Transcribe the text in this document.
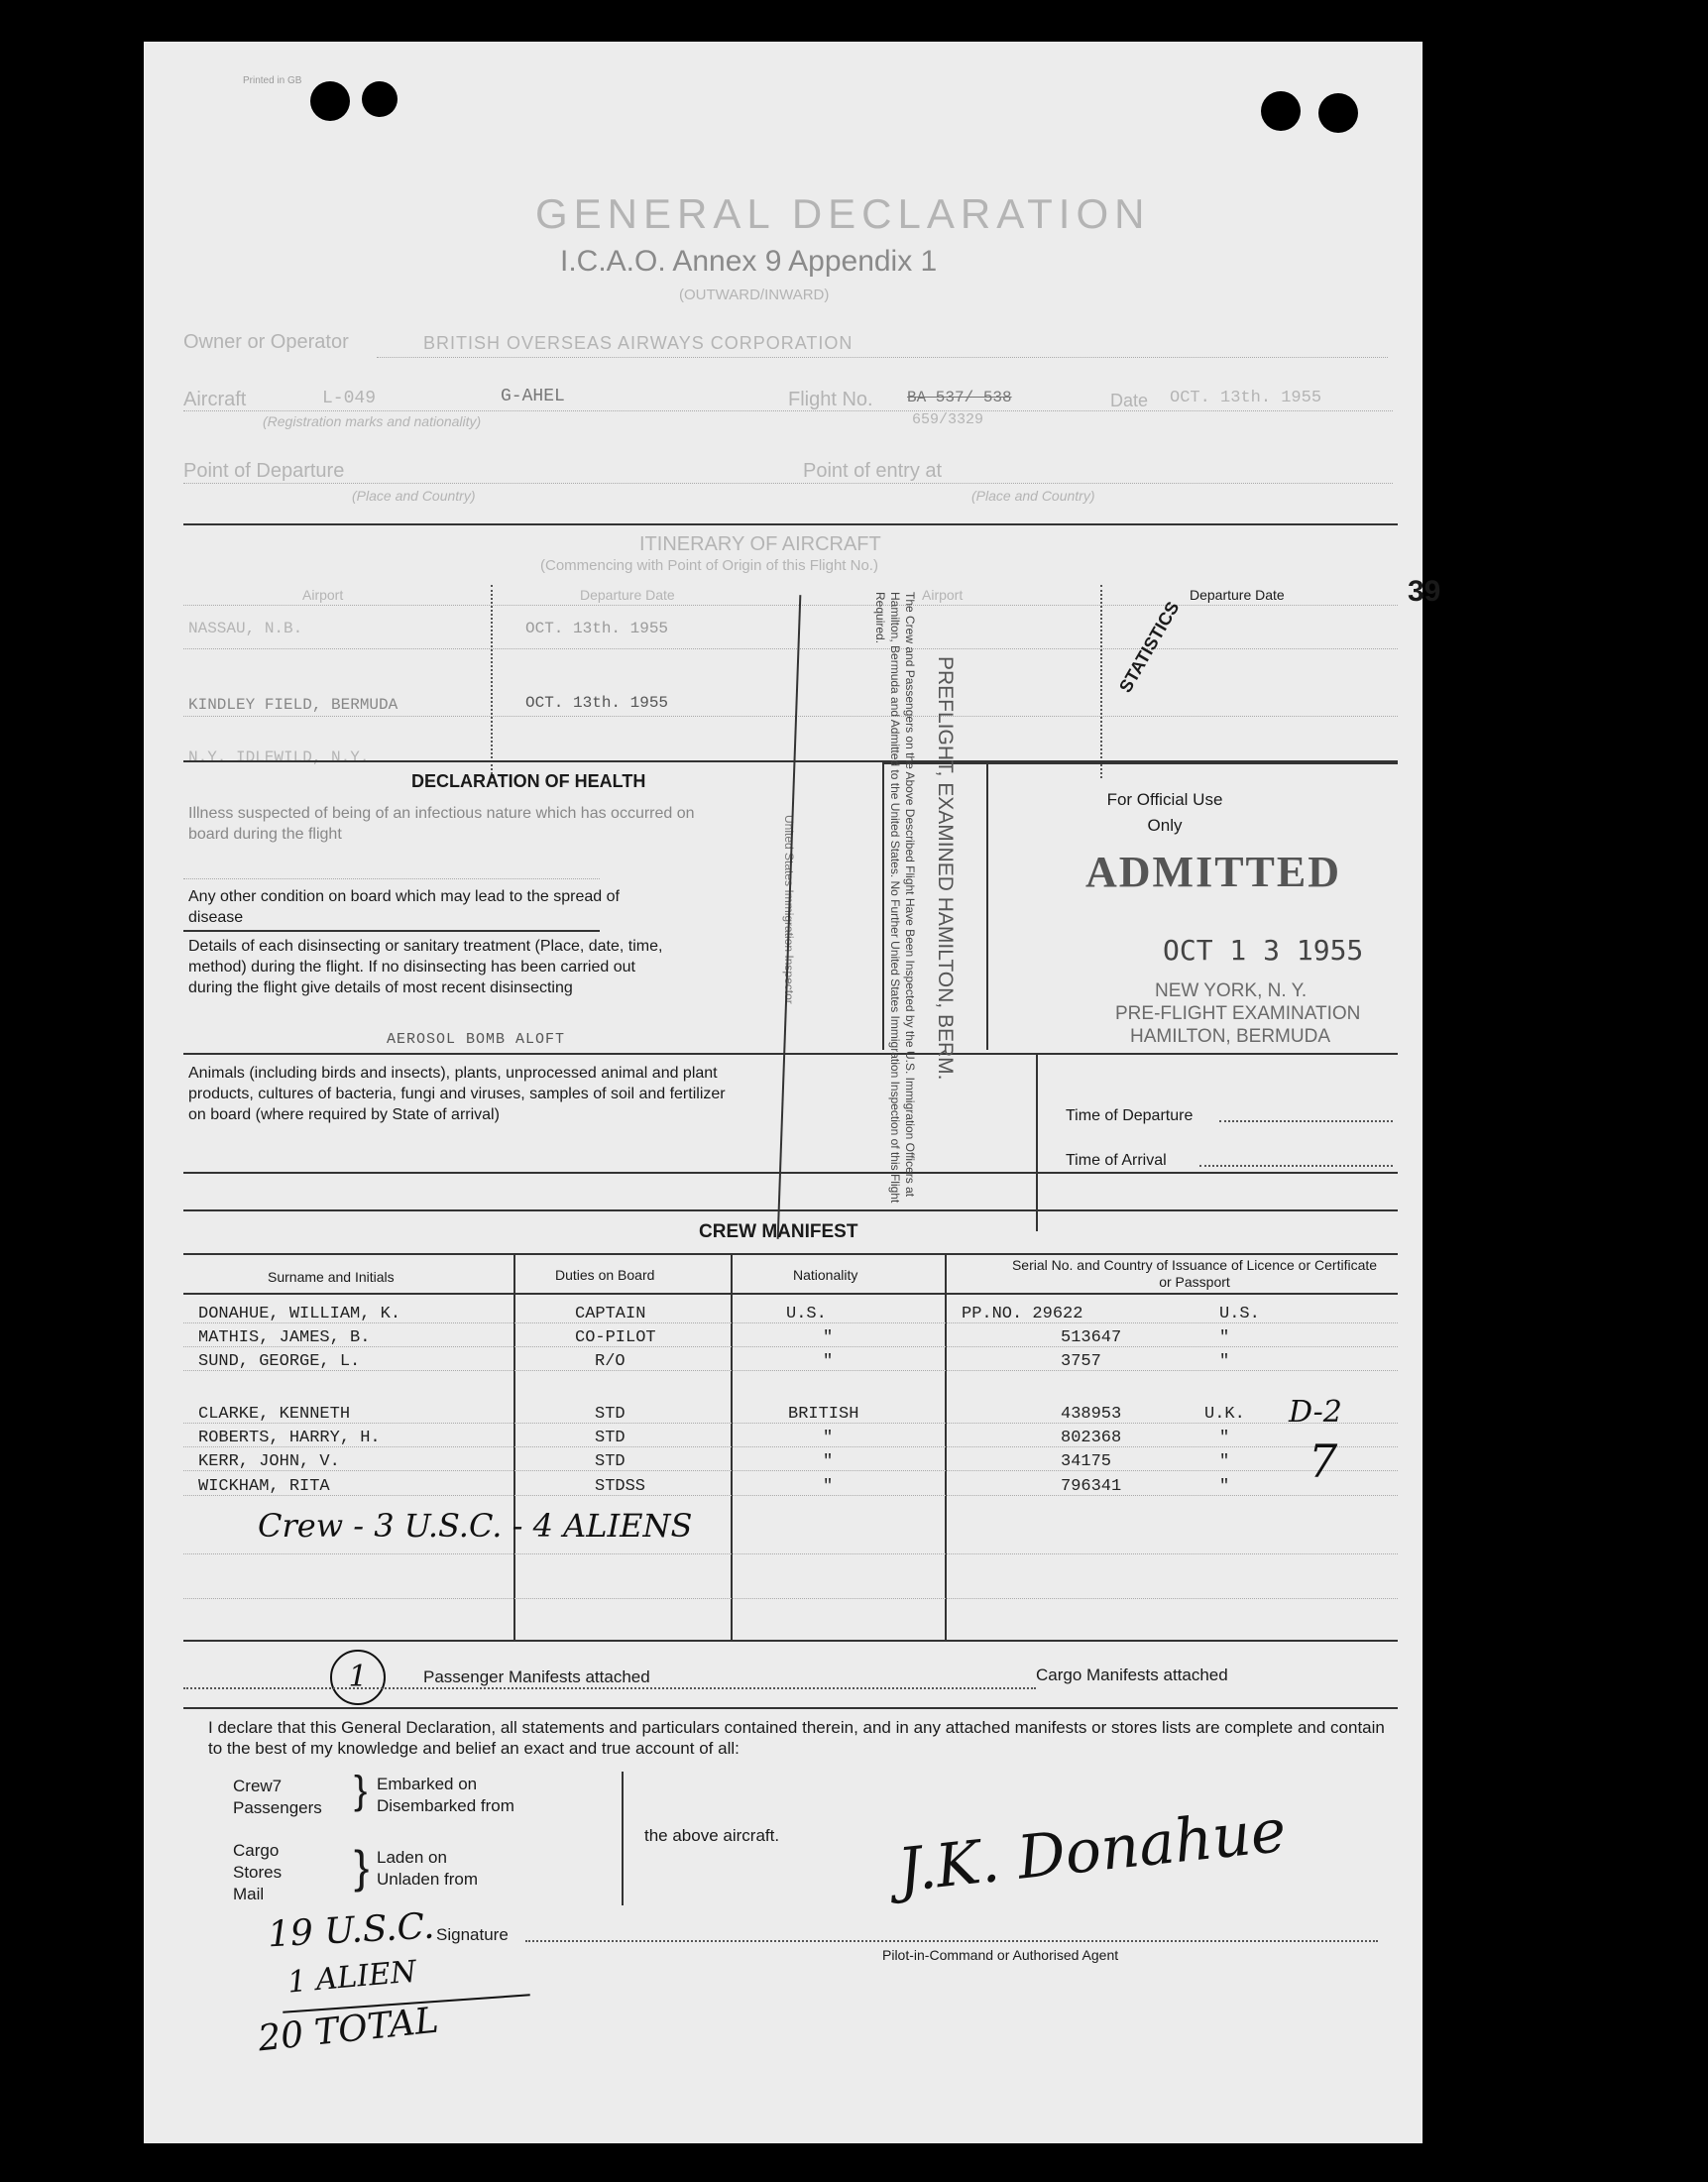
Printed in GB
GENERAL DECLARATION
I.C.A.O. Annex 9 Appendix 1
(OUTWARD/INWARD)
Owner or Operator	BRITISH OVERSEAS AIRWAYS CORPORATION
Aircraft	L-049	G-AHEL
(Registration marks and nationality)
Flight No. BA 537/ 538
659/3329
Date OCT. 13th. 1955
Point of Departure
(Place and Country)
Point of entry at
(Place and Country)
ITINERARY OF AIRCRAFT
(Commencing with Point of Origin of this Flight No.)
Airport	Departure Date	Airport	Departure Date	39
NASSAU, N.B.	OCT. 13th. 1955
KINDLEY FIELD, BERMUDA	OCT. 13th. 1955
N.Y. IDLEWILD, N.Y.
DECLARATION OF HEALTH
Illness suspected of being of an infectious nature which has occurred on board during the flight
Any other condition on board which may lead to the spread of disease
Details of each disinsecting or sanitary treatment (Place, date, time, method) during the flight. If no disinsecting has been carried out during the flight give details of most recent disinsecting
AEROSOL BOMB ALOFT
Animals (including birds and insects), plants, unprocessed animal and plant products, cultures of bacteria, fungi and viruses, samples of soil and fertilizer on board (where required by State of arrival)
For Official Use Only
ADMITTED
OCT 1 3 1955
NEW YORK, N. Y.
PRE-FLIGHT EXAMINATION
HAMILTON, BERMUDA
Time of Departure
Time of Arrival
PREFLIGHT, EXAMINED HAMILTON, BERM.
The Crew and Passengers on the Above Described Flight Have Been Inspected by the U.S. Immigration Officers at Hamilton, Bermuda and Admitted to the United States. No Further United States Immigration Inspection of this Flight Required.
United States Immigration Inspector
STATISTICS
CREW MANIFEST
Surname and Initials	Duties on Board	Nationality
Serial No. and Country of Issuance of Licence or Certificate or Passport
DONAHUE, WILLIAM, K.	CAPTAIN	U.S.	PP.NO. 29622	U.S.
MATHIS, JAMES, B.	CO-PILOT	"	513647	"
SUND, GEORGE, L.	R/O	"	3757	"
CLARKE, KENNETH	STD	BRITISH	438953	U.K.
ROBERTS, HARRY, H.	STD	"	802368	"
KERR, JOHN, V.	STD	"	34175	"
WICKHAM, RITA	STDSS	"	796341	"
Crew - 3 U.S.C. - 4 ALIENS
D-2
7
1	Passenger Manifests attached	Cargo Manifests attached
I declare that this General Declaration, all statements and particulars contained therein, and in any attached manifests or stores lists are complete and contain to the best of my knowledge and belief an exact and true account of all:
Crew7
Passengers } Embarked on
Disembarked from
Cargo
Stores
Mail
} Laden on
Unladen from
the above aircraft. J.K. Donahue
Signature
Pilot-in-Command or Authorised Agent
19 U.S.C.
1 ALIEN
20 TOTAL
